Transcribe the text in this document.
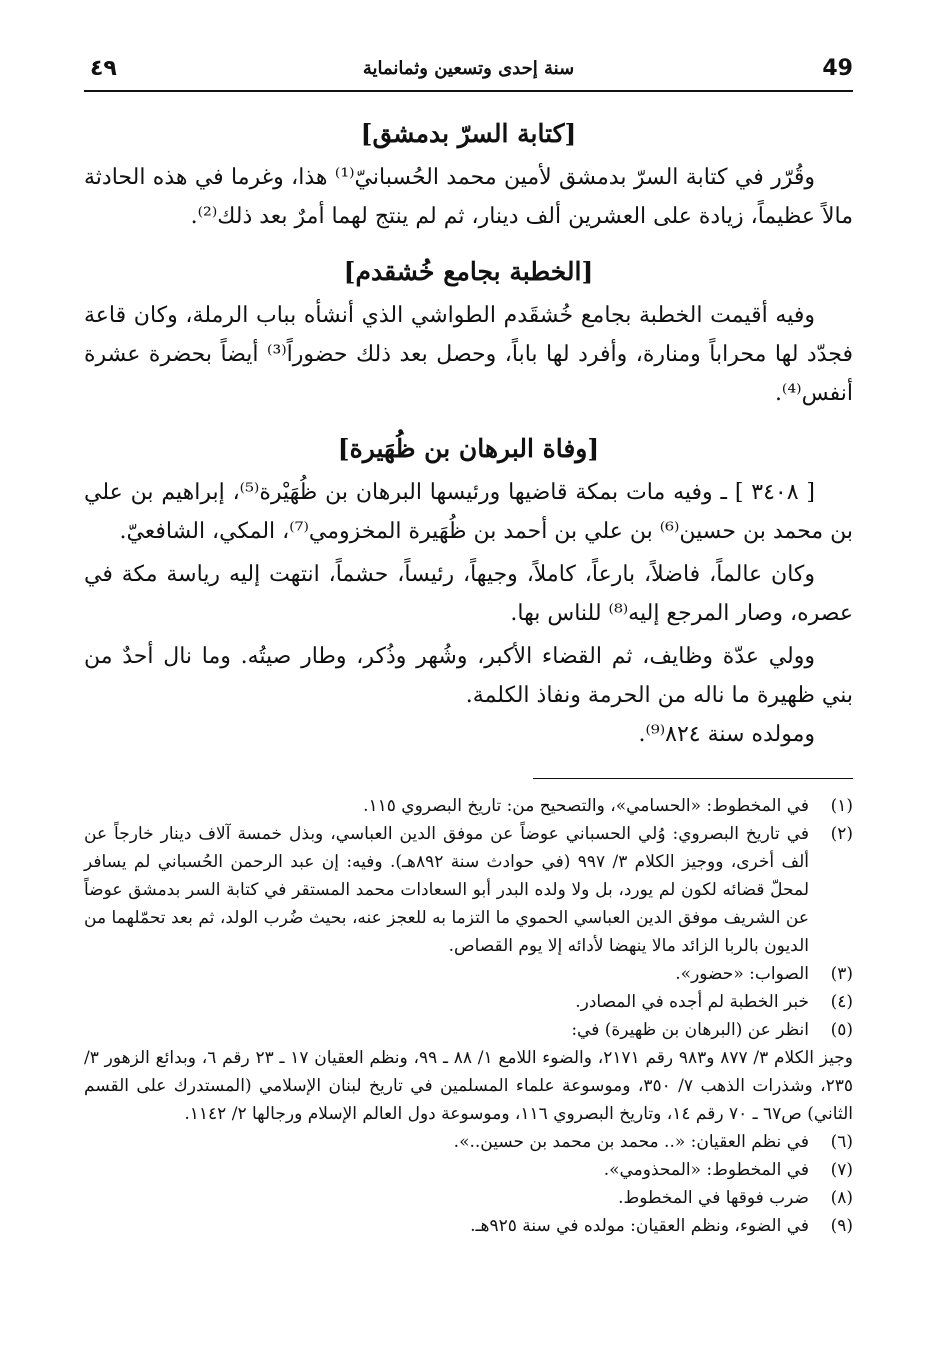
٤٩	سنة إحدى وتسعين وثمانماية	49
[كتابة السرّ بدمشق]

وقُرّر في كتابة السرّ بدمشق لأمين محمد الحُسبانيّ⁽¹⁾ هذا، وغرما في هذه الحادثة مالاً عظيماً، زيادة على العشرين ألف دينار، ثم لم ينتج لهما أمرٌ بعد ذلك⁽²⁾.

[الخطبة بجامع خُشقدم]

وفيه أقيمت الخطبة بجامع خُشقَدم الطواشي الذي أنشأه بباب الرملة، وكان قاعة فجدّد لها محراباً ومنارة، وأفرد لها باباً، وحصل بعد ذلك حضوراً⁽³⁾ أيضاً بحضرة عشرة أنفس⁽⁴⁾.

[وفاة البرهان بن ظُهَيرة]

[ ٣٤٠٨ ] ـ وفيه مات بمكة قاضيها ورئيسها البرهان بن ظُهَيْرة⁽⁵⁾، إبراهيم بن علي بن محمد بن حسين⁽⁶⁾ بن علي بن أحمد بن ظُهَيرة المخزومي⁽⁷⁾، المكي، الشافعيّ.

وكان عالماً، فاضلاً، بارعاً، كاملاً، وجيهاً، رئيساً، حشماً، انتهت إليه رياسة مكة في عصره، وصار المرجع إليه⁽⁸⁾ للناس بها.

وولي عدّة وظايف، ثم القضاء الأكبر، وشُهر وذُكر، وطار صيتُه. وما نال أحدٌ من بني ظهيرة ما ناله من الحرمة ونفاذ الكلمة.

ومولده سنة ٨٢٤⁽⁹⁾.

(١)
في المخطوط: «الحسامي»، والتصحيح من: تاريخ البصروي ١١٥.
(٢)
في تاريخ البصروي: وُلي الحسباني عوضاً عن موفق الدين العباسي، وبذل خمسة آلاف دينار خارجاً عن ألف أخرى، ووجيز الكلام ٣/ ٩٩٧ (في حوادث سنة ٨٩٢هـ). وفيه: إن عبد الرحمن الحُسباني لم يسافر لمحلّ قضائه لكون لم يورد، بل ولا ولده البدر أبو السعادات محمد المستقر في كتابة السر بدمشق عوضاً عن الشريف موفق الدين العباسي الحموي ما التزما به للعجز عنه، بحيث ضُرب الولد، ثم بعد تحمّلهما من الديون بالربا الزائد مالا ينهضا لأدائه إلا يوم القصاص.
(٣)
الصواب: «حضور».
(٤)
خبر الخطبة لم أجده في المصادر.
(٥)
انظر عن (البرهان بن ظهيرة) في:
وجيز الكلام ٣/ ٨٧٧ و٩٨٣ رقم ٢١٧١، والضوء اللامع ١/ ٨٨ ـ ٩٩، ونظم العقيان ١٧ ـ ٢٣ رقم ٦، وبدائع الزهور ٣/ ٢٣٥، وشذرات الذهب ٧/ ٣٥٠، وموسوعة علماء المسلمين في تاريخ لبنان الإسلامي (المستدرك على القسم الثاني) ص٦٧ ـ ٧٠ رقم ١٤، وتاريخ البصروي ١١٦، وموسوعة دول العالم الإسلام ورجالها ٢/ ١١٤٢.
(٦)
في نظم العقيان: «.. محمد بن محمد بن حسين..».
(٧)
في المخطوط: «المحذومي».
(٨)
ضرب فوقها في المخطوط.
(٩)
في الضوء، ونظم العقيان: مولده في سنة ٩٢٥هـ.
